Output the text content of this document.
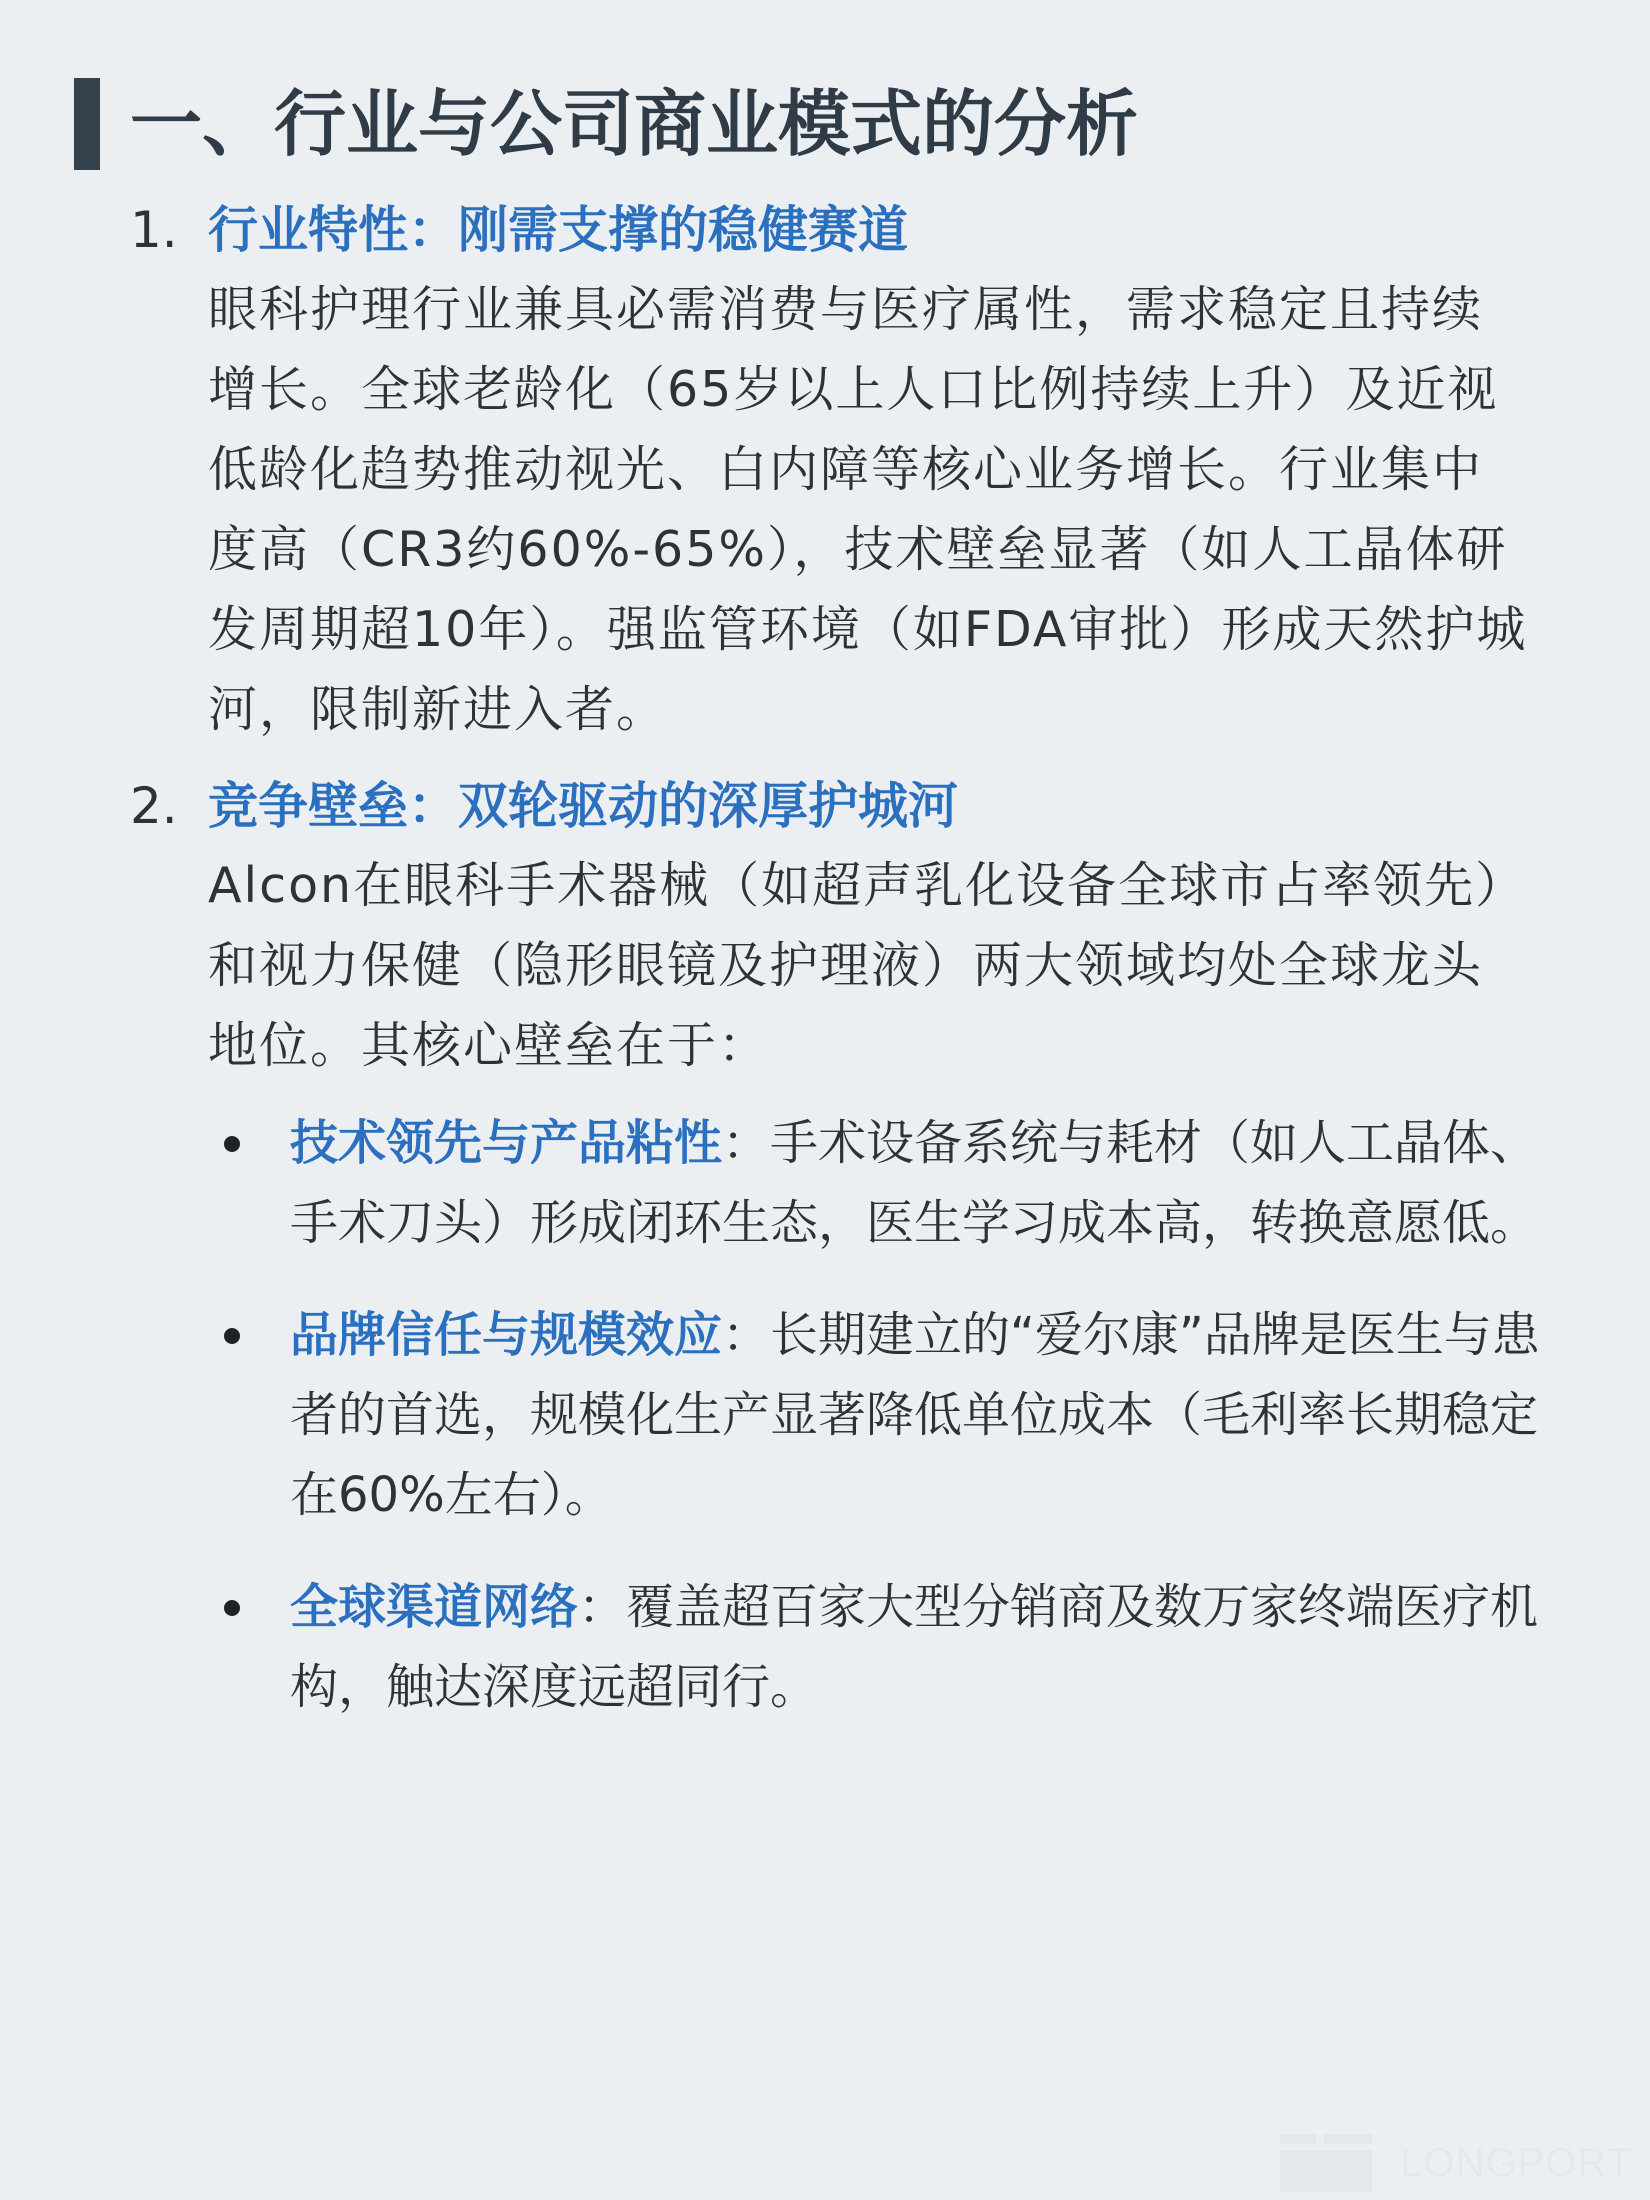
一、行业与公司商业模式的分析
1. 行业特性：刚需支撑的稳健赛道
眼科护理行业兼具必需消费与医疗属性，需求稳定且持续增长。全球老龄化（65岁以上人口比例持续上升）及近视低龄化趋势推动视光、白内障等核心业务增长。行业集中度高（CR3约60%-65%），技术壁垒显著（如人工晶体研发周期超10年）。强监管环境（如FDA审批）形成天然护城河，限制新进入者。
2. 竞争壁垒：双轮驱动的深厚护城河
Alcon在眼科手术器械（如超声乳化设备全球市占率领先）和视力保健（隐形眼镜及护理液）两大领域均处全球龙头地位。其核心壁垒在于：
技术领先与产品粘性：手术设备系统与耗材（如人工晶体、手术刀头）形成闭环生态，医生学习成本高，转换意愿低。
品牌信任与规模效应：长期建立的“爱尔康”品牌是医生与患者的首选，规模化生产显著降低单位成本（毛利率长期稳定在60%左右）。
全球渠道网络：覆盖超百家大型分销商及数万家终端医疗机构，触达深度远超同行。
LONGPORT
